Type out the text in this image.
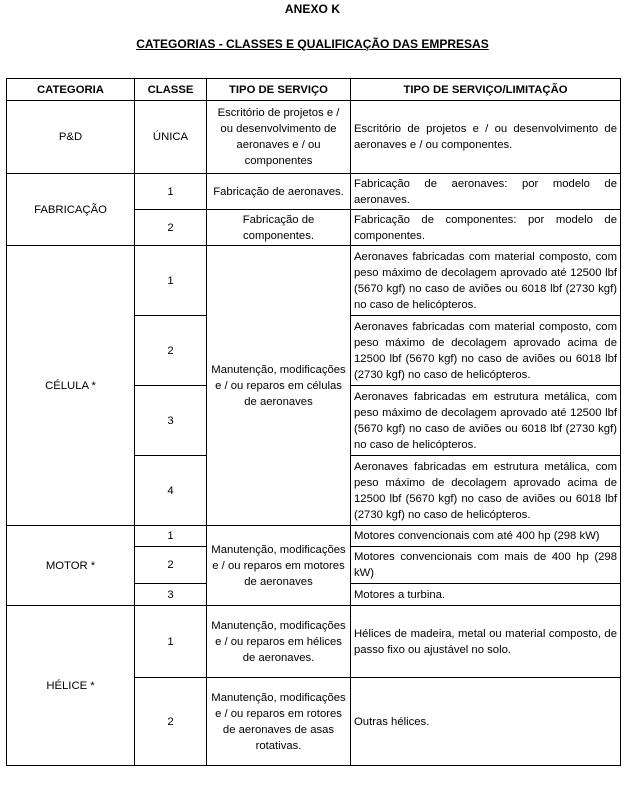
ANEXO K
CATEGORIAS - CLASSES E QUALIFICAÇÃO DAS EMPRESAS
CATEGORIA	CLASSE	TIPO DE SERVIÇO	TIPO DE SERVIÇO/LIMITAÇÃO
P&D	ÚNICA	Escritório de projetos e / ou desenvolvimento de aeronaves e / ou componentes	Escritório de projetos e / ou desenvolvimento de aeronaves e / ou componentes.
FABRICAÇÃO	1	Fabricação de aeronaves.	Fabricação de aeronaves: por modelo de aeronaves.
	2	Fabricação de componentes.	Fabricação de componentes: por modelo de componentes.
CÉLULA *	1	Manutenção, modificações e / ou reparos em células de aeronaves	Aeronaves fabricadas com material composto, com peso máximo de decolagem aprovado até 12500 lbf (5670 kgf) no caso de aviões ou 6018 lbf (2730 kgf) no caso de helicópteros.
	2		Aeronaves fabricadas com material composto, com peso máximo de decolagem aprovado acima de 12500 lbf (5670 kgf) no caso de aviões ou 6018 lbf (2730 kgf) no caso de helicópteros.
	3		Aeronaves fabricadas em estrutura metálica, com peso máximo de decolagem aprovado até 12500 lbf (5670 kgf) no caso de aviões ou 6018 lbf (2730 kgf) no caso de helicópteros.
	4		Aeronaves fabricadas em estrutura metálica, com peso máximo de decolagem aprovado acima de 12500 lbf (5670 kgf) no caso de aviões ou 6018 lbf (2730 kgf) no caso de helicópteros.
MOTOR *	1	Manutenção, modificações e / ou reparos em motores de aeronaves	Motores convencionais com até 400 hp (298 kW)
	2		Motores convencionais com mais de 400 hp (298 kW)
	3		Motores a turbina.
HÉLICE *	1	Manutenção, modificações e / ou reparos em hélices de aeronaves.	Hélices de madeira, metal ou material composto, de passo fixo ou ajustável no solo.
	2	Manutenção, modificações e / ou reparos em rotores de aeronaves de asas rotativas.	Outras hélices.
